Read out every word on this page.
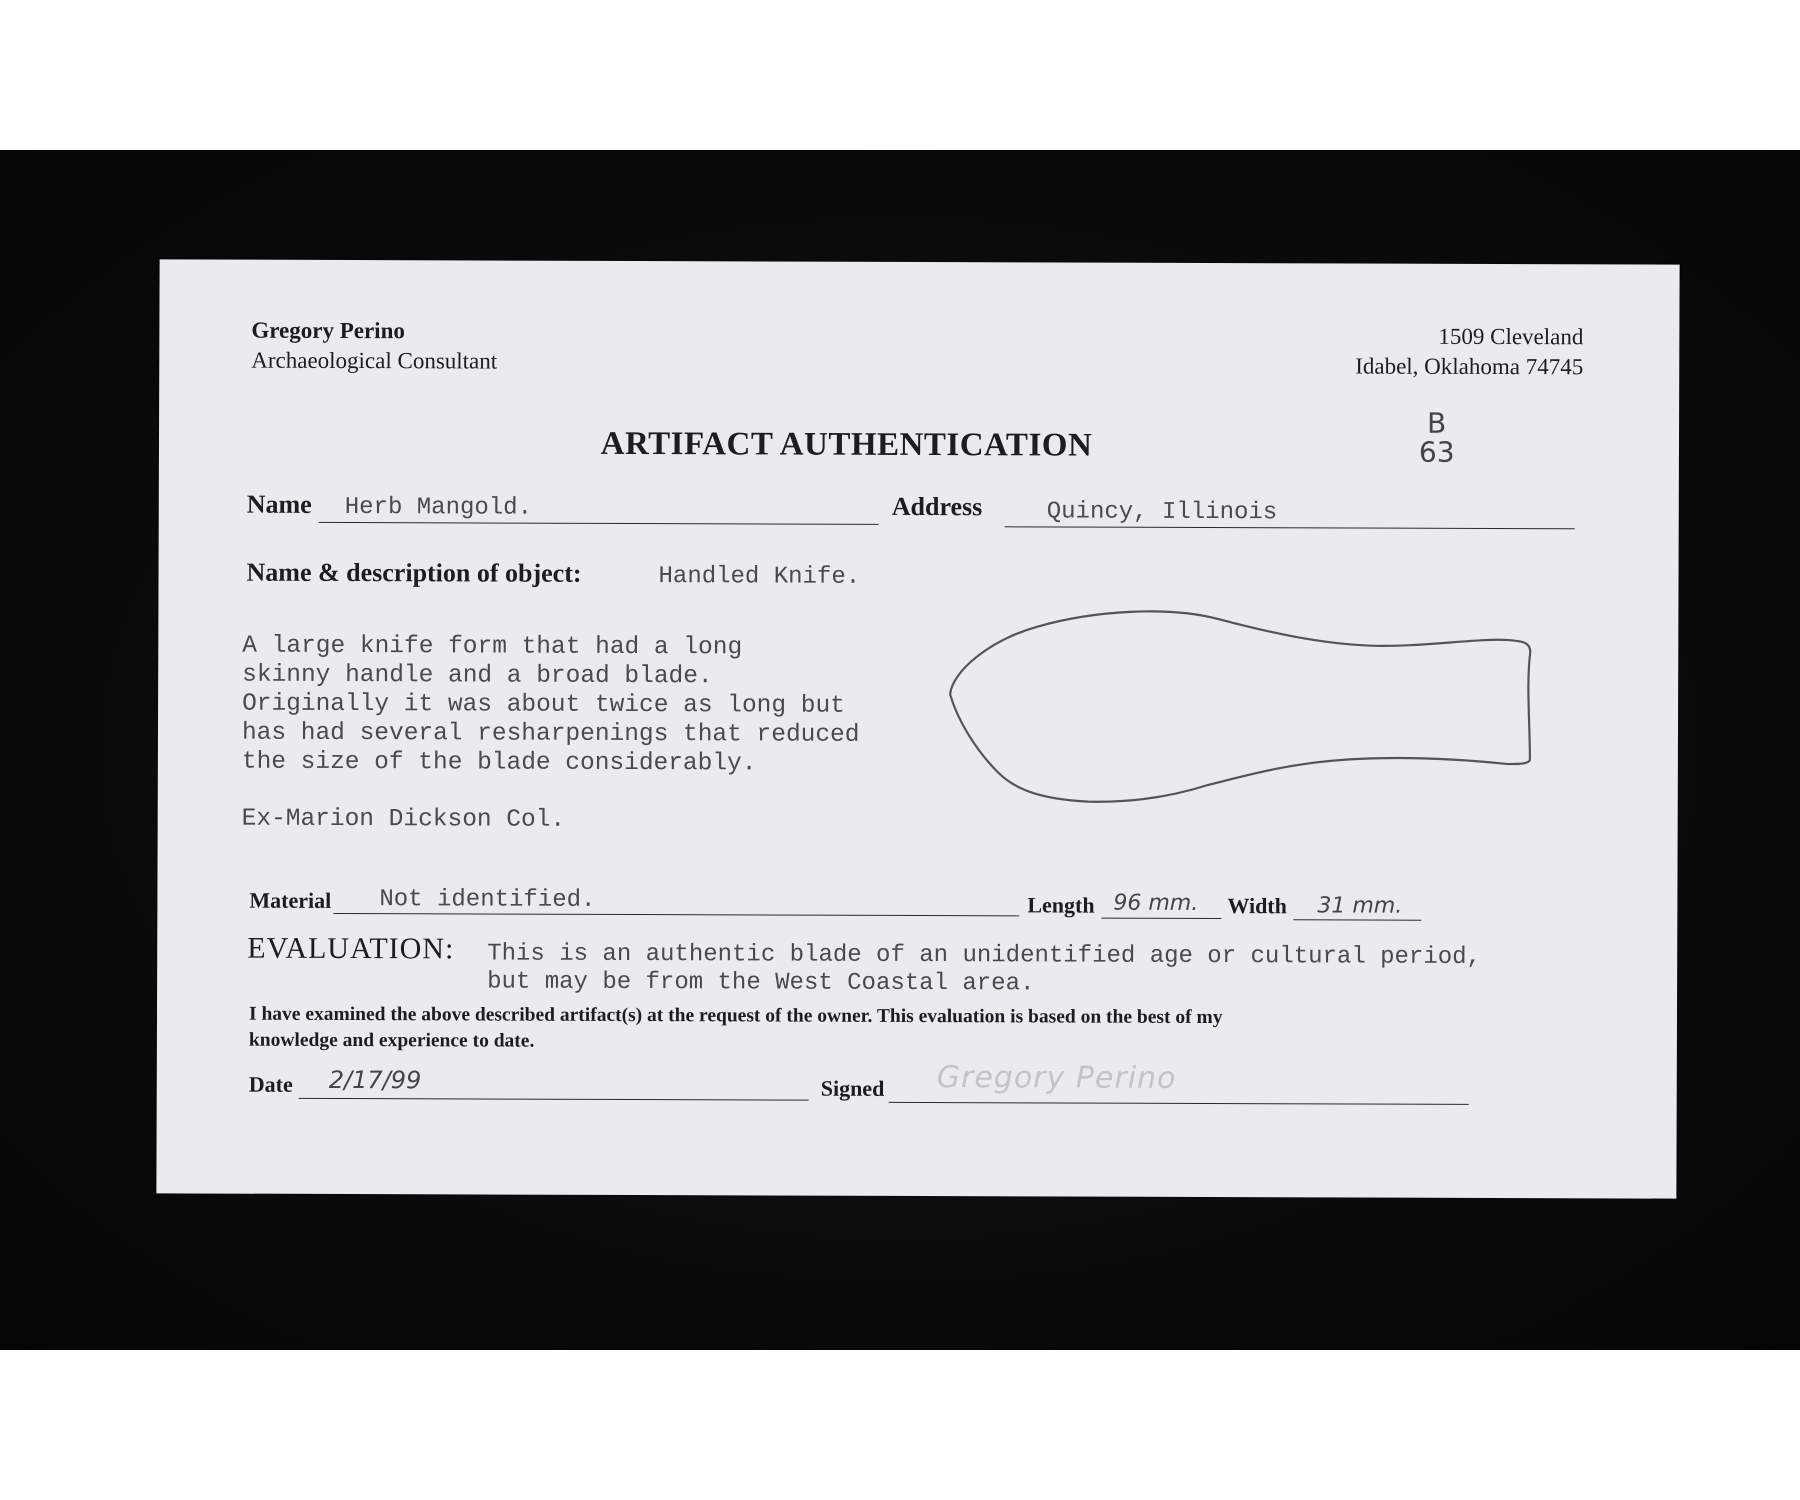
Gregory Perino
Archaeological Consultant
1509 Cleveland
Idabel, Oklahoma 74745
ARTIFACT AUTHENTICATION
B
63
Name Herb Mangold.	Address	Quincy, Illinois
Name & description of object:	Handled Knife.
A large knife form that had a long
skinny handle and a broad blade.
Originally it was about twice as long but
has had several resharpenings that reduced
the size of the blade considerably.
Ex-Marion Dickson Col.
Material Not identified.	Length 96 mm. Width 31 mm.
EVALUATION: This is an authentic blade of an unidentified age or cultural period,
but may be from the West Coastal area.
I have examined the above described artifact(s) at the request of the owner. This evaluation is based on the best of my
knowledge and experience to date.
Date 2/17/99	Signed Gregory Perino
